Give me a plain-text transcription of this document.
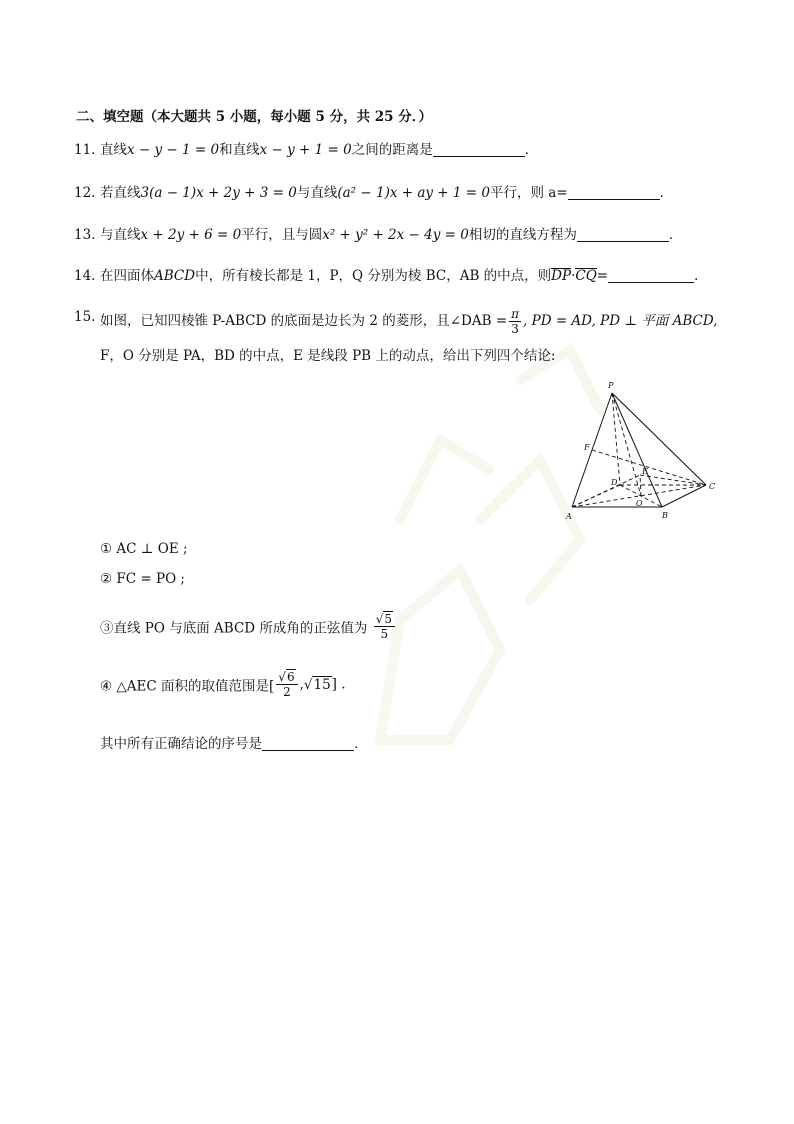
二、填空题（本大题共 5 小题，每小题 5 分，共 25 分．）
11. 直线x − y − 1 = 0和直线x − y + 1 = 0之间的距离是	．
12. 若直线3(a − 1)x + 2y + 3 = 0与直线(a² − 1)x + ay + 1 = 0平行，则 a=	．
13. 与直线x + 2y + 6 = 0平行，且与圆x² + y² + 2x − 4y = 0相切的直线方程为	．
14. 在四面体ABCD中，所有棱长都是 1，P，Q 分别为棱 BC，AB 的中点，则DP·CQ=	．
15. 如图，已知四棱锥 P-ABCD 的底面是边长为 2 的菱形，且∠DAB = $\frac{\pi}{3}$ , PD = AD, PD ⊥ 平面 ABCD,
F，O 分别是 PA，BD 的中点，E 是线段 PB 上的动点，给出下列四个结论:
P
F
D
E
A
O
B
C
① AC ⊥ OE ;
② FC = PO ;
③直线 PO 与底面 ABCD 所成角的正弦值为 $\frac{√5}{5}$
④ △AEC 面积的取值范围是[ $\frac{√6}{2} ,√15$] .
其中所有正确结论的序号是	．
